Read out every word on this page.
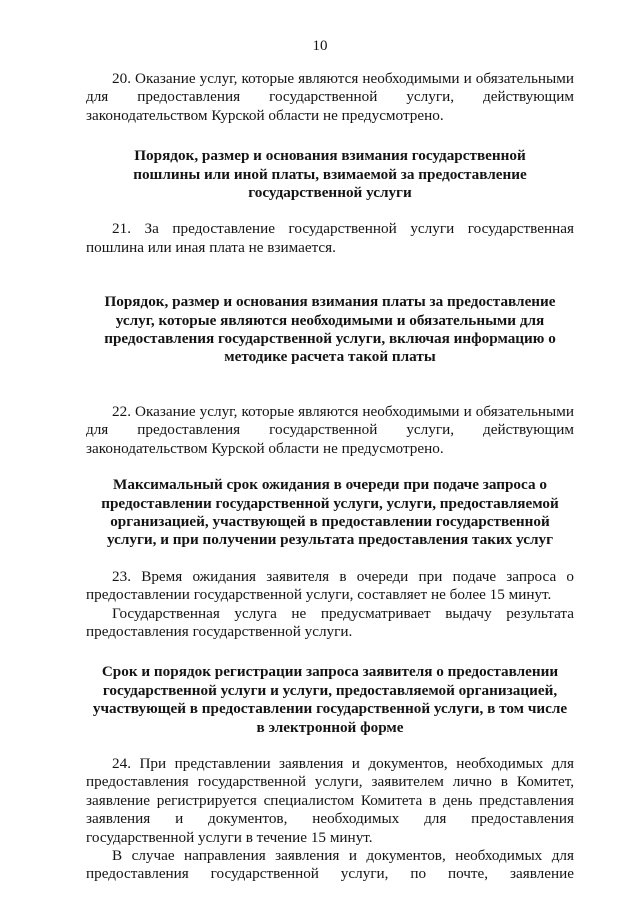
10

20. Оказание услуг, которые являются необходимыми и обязательными для предоставления государственной услуги, действующим законодательством Курской области не предусмотрено.

Порядок, размер и основания взимания государственной пошлины или иной платы, взимаемой за предоставление государственной услуги

21. За предоставление государственной услуги государственная пошлина или иная плата не взимается.

Порядок, размер и основания взимания платы за предоставление услуг, которые являются необходимыми и обязательными для предоставления государственной услуги, включая информацию о методике расчета такой платы

22. Оказание услуг, которые являются необходимыми и обязательными для предоставления государственной услуги, действующим законодательством Курской области не предусмотрено.

Максимальный срок ожидания в очереди при подаче запроса о предоставлении государственной услуги, услуги, предоставляемой организацией, участвующей в предоставлении государственной услуги, и при получении результата предоставления таких услуг

23. Время ожидания заявителя в очереди при подаче запроса о предоставлении государственной услуги, составляет не более 15 минут.

Государственная услуга не предусматривает выдачу результата предоставления государственной услуги.

Срок и порядок регистрации запроса заявителя о предоставлении государственной услуги и услуги, предоставляемой организацией, участвующей в предоставлении государственной услуги, в том числе в электронной форме

24. При представлении заявления и документов, необходимых для предоставления государственной услуги, заявителем лично в Комитет, заявление регистрируется специалистом Комитета в день представления заявления и документов, необходимых для предоставления государственной услуги в течение 15 минут.

В случае направления заявления и документов, необходимых для предоставления государственной услуги, по почте, заявление
